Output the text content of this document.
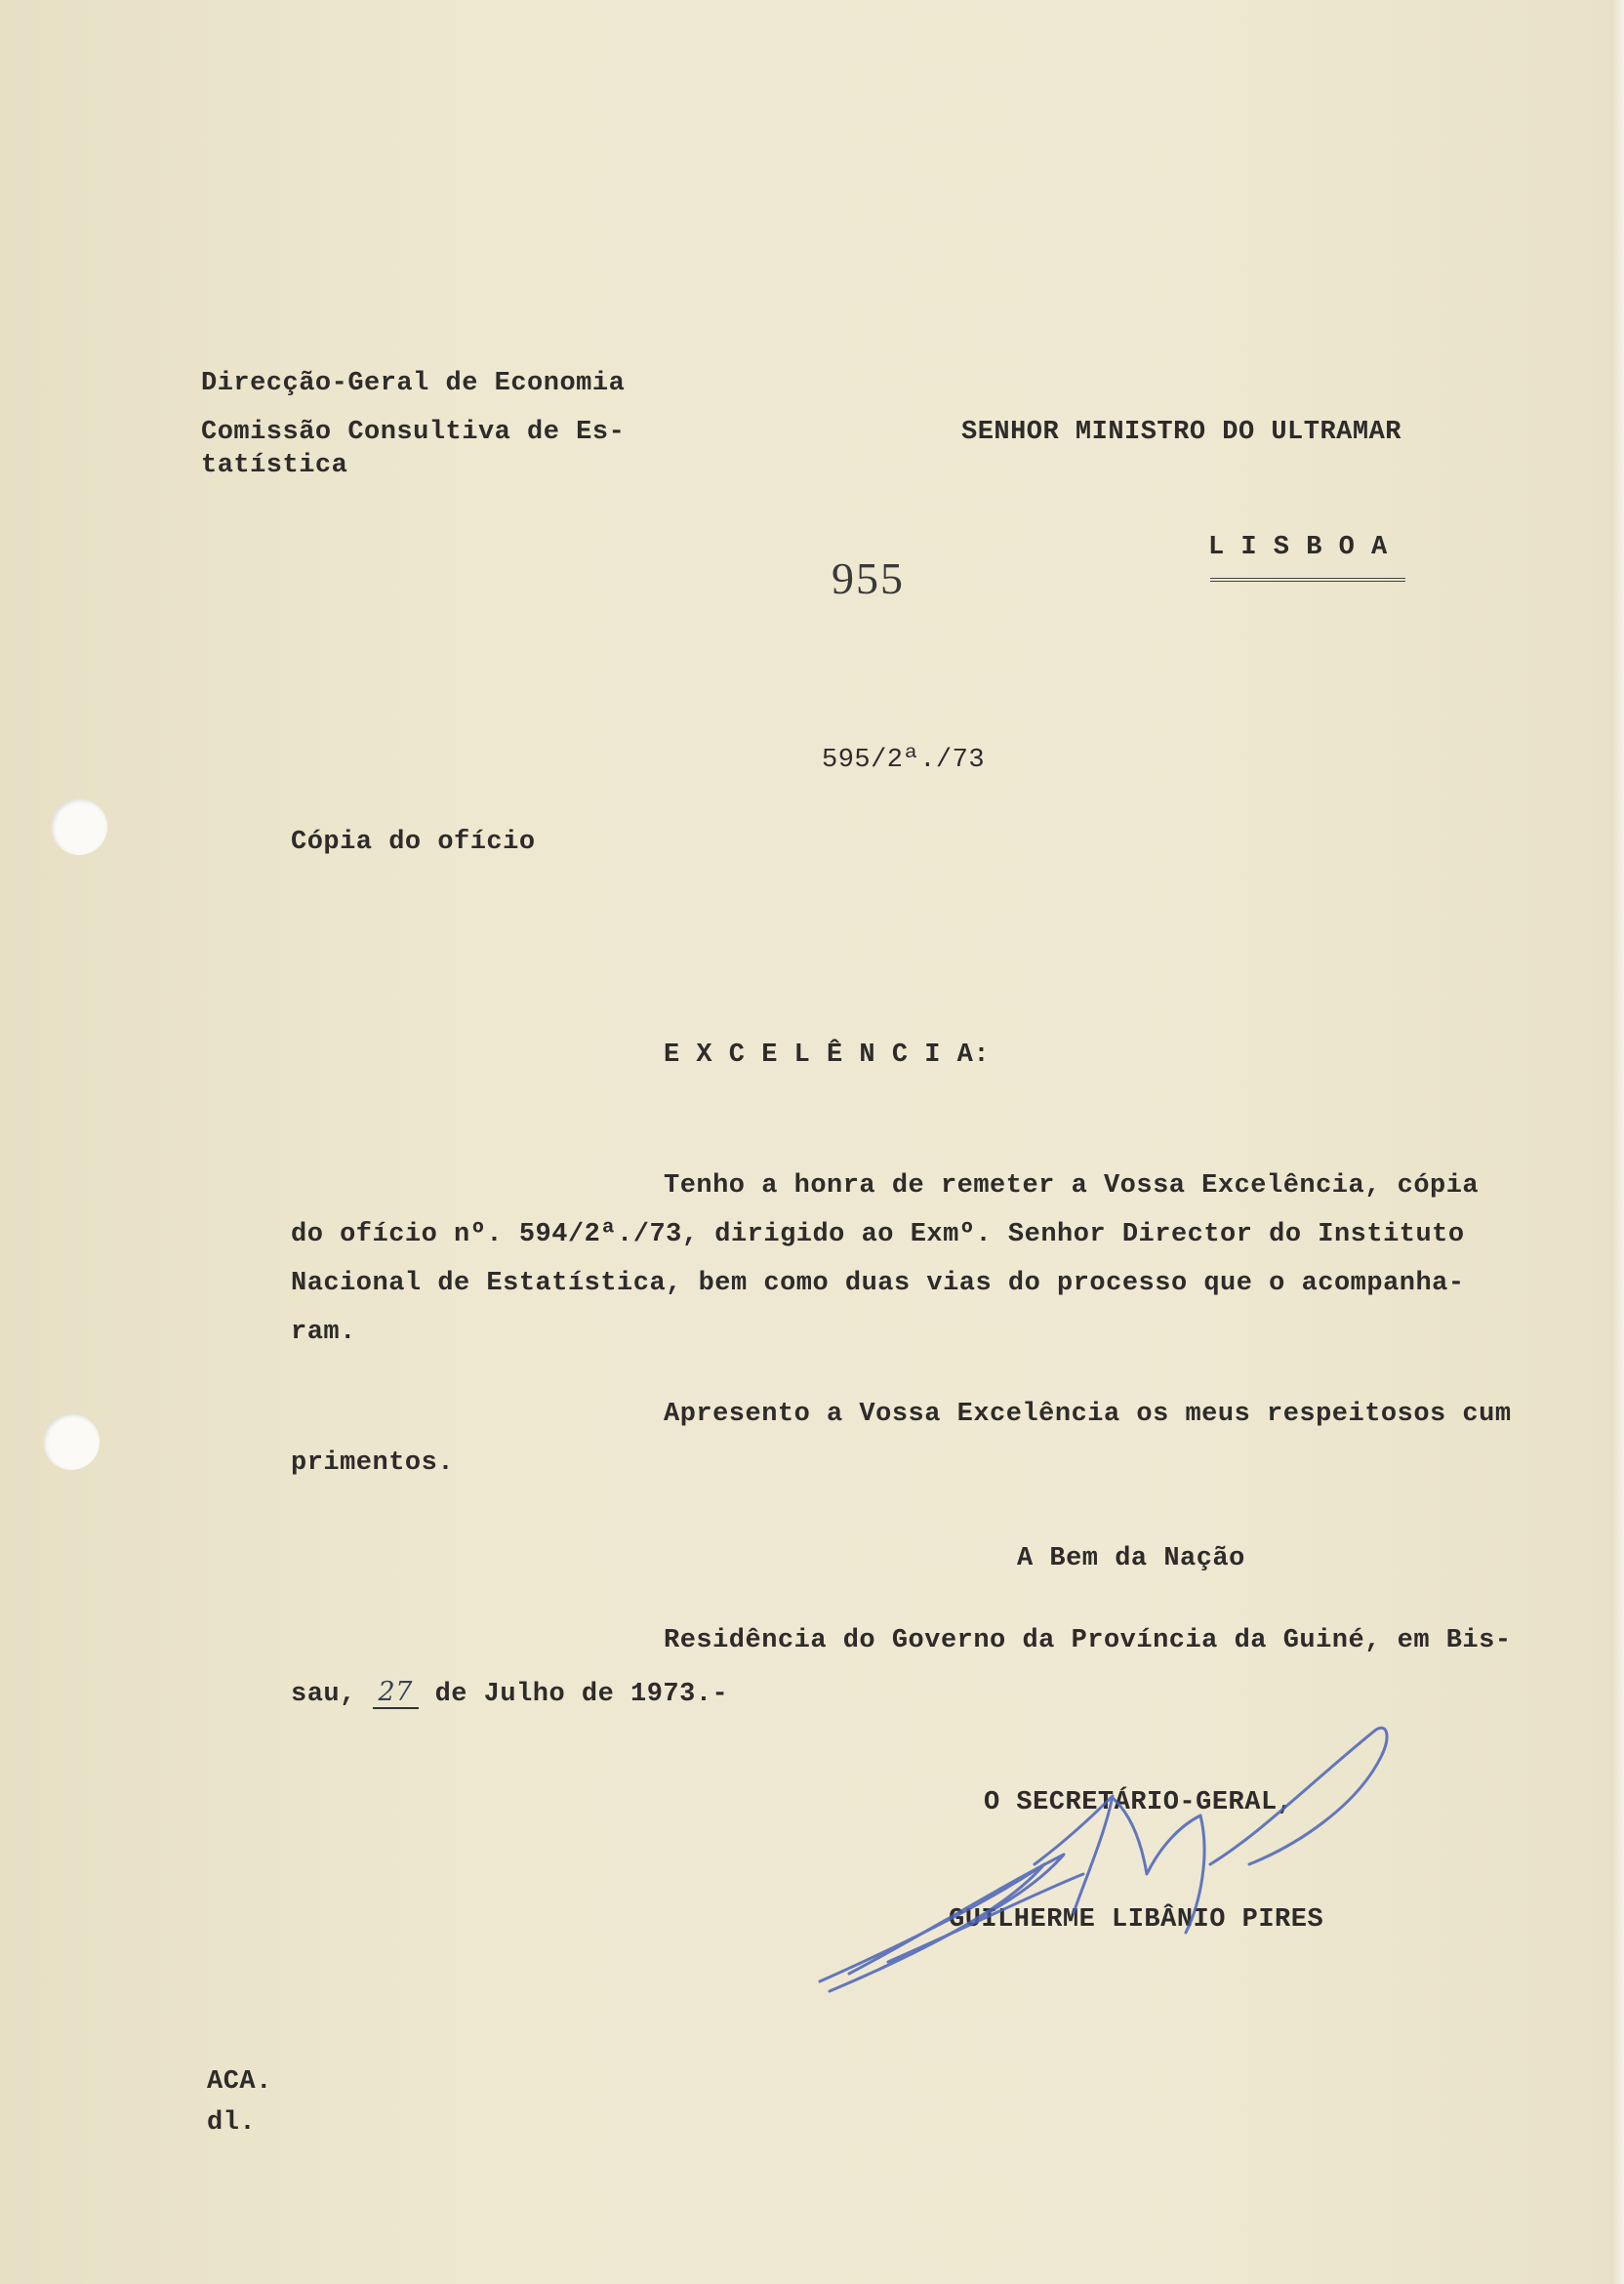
Direcção-Geral de Economia
Comissão Consultiva de Es-
tatística
SENHOR MINISTRO DO ULTRAMAR
L I S B O A
955
595/2ª./73
Cópia do ofício
E X C E L Ê N C I A:
Tenho a honra de remeter a Vossa Excelência, cópia
do ofício nº. 594/2ª./73, dirigido ao Exmº. Senhor Director do Instituto
Nacional de Estatística, bem como duas vias do processo que o acompanha-
ram.
Apresento a Vossa Excelência os meus respeitosos cum
primentos.
A Bem da Nação
Residência do Governo da Província da Guiné, em Bis-
sau, 27 de Julho de 1973.-
O SECRETÁRIO-GERAL,
GUILHERME LIBÂNIO PIRES
ACA.
dl.
